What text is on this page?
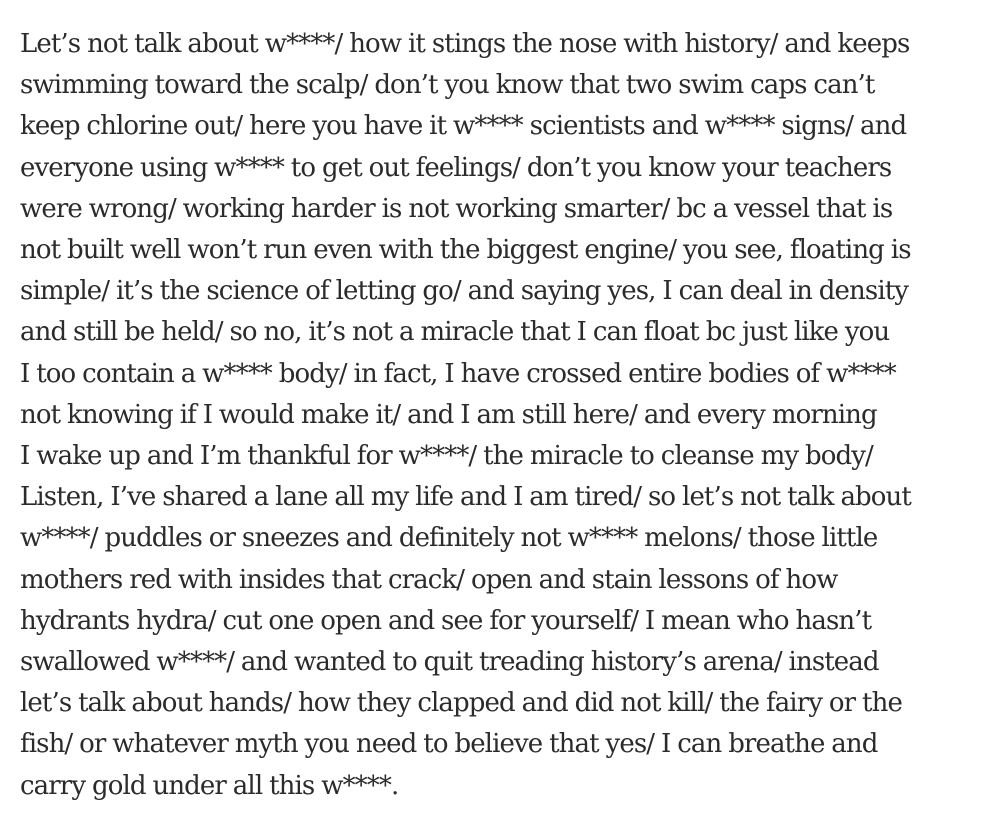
Let’s not talk about w****/ how it stings the nose with history/ and keeps
swimming toward the scalp/ don’t you know that two swim caps can’t
keep chlorine out/ here you have it w**** scientists and w**** signs/ and
everyone using w**** to get out feelings/ don’t you know your teachers
were wrong/ working harder is not working smarter/ bc a vessel that is
not built well won’t run even with the biggest engine/ you see, floating is
simple/ it’s the science of letting go/ and saying yes, I can deal in density
and still be held/ so no, it’s not a miracle that I can float bc just like you
I too contain a w**** body/ in fact, I have crossed entire bodies of w****
not knowing if I would make it/ and I am still here/ and every morning
I wake up and I’m thankful for w****/ the miracle to cleanse my body/
Listen, I’ve shared a lane all my life and I am tired/ so let’s not talk about
w****/ puddles or sneezes and definitely not w**** melons/ those little
mothers red with insides that crack/ open and stain lessons of how
hydrants hydra/ cut one open and see for yourself/ I mean who hasn’t
swallowed w****/ and wanted to quit treading history’s arena/ instead
let’s talk about hands/ how they clapped and did not kill/ the fairy or the
fish/ or whatever myth you need to believe that yes/ I can breathe and
carry gold under all this w****.
